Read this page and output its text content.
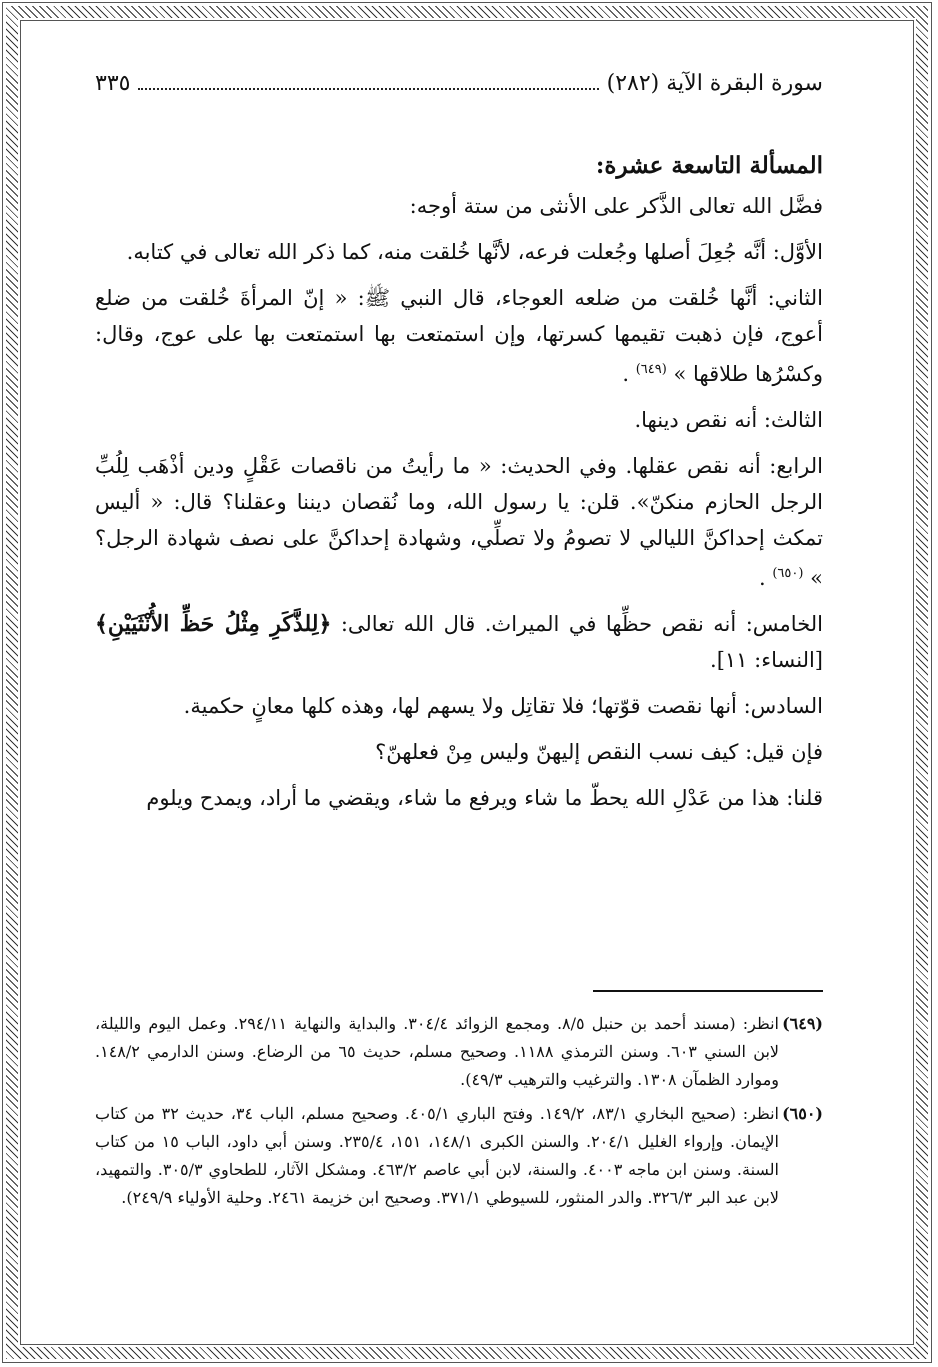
سورة البقرة الآية (٢٨٢)
٣٣٥

المسألة التاسعة عشرة:

فضَّل الله تعالى الذَّكر على الأنثى من ستة أوجه:

الأوَّل: أنَّه جُعِلَ أصلها وجُعلت فرعه، لأنَّها خُلقت منه، كما ذكر الله تعالى في كتابه.

الثاني: أنَّها خُلقت من ضلعه العوجاء، قال النبي ﷺ: « إنّ المرأةَ خُلقت من ضلع أعوج، فإن ذهبت تقيمها كسرتها، وإن استمتعت بها استمتعت بها على عوج، وقال: وكسْرُها طلاقها » $^{(٦٤٩)}$ .

الثالث: أنه نقص دينها.

الرابع: أنه نقص عقلها. وفي الحديث: « ما رأيتُ من ناقصات عَقْلٍ ودين أذْهَب لِلُبِّ الرجل الحازم منكنّ». قلن: يا رسول الله، وما نُقصان ديننا وعقلنا؟ قال: « أليس تمكث إحداكنَّ الليالي لا تصومُ ولا تصلِّي، وشهادة إحداكنَّ على نصف شهادة الرجل؟ » $^{(٦٥٠)}$ .

الخامس: أنه نقص حظِّها في الميراث. قال الله تعالى: ﴿لِلذَّكَرِ مِثْلُ حَظِّ الأُنْثَيَيْنِ﴾ [النساء: ١١].

السادس: أنها نقصت قوّتها؛ فلا تقاتِل ولا يسهم لها، وهذه كلها معانٍ حكمية.

فإن قيل: كيف نسب النقص إليهنّ وليس مِنْ فعلهنّ؟

قلنا: هذا من عَدْلِ الله يحطّ ما شاء ويرفع ما شاء، ويقضي ما أراد، ويمدح ويلوم

(٦٤٩)
انظر: (مسند أحمد بن حنبل ٨/٥. ومجمع الزوائد ٣٠٤/٤. والبداية والنهاية ٢٩٤/١١. وعمل اليوم والليلة، لابن السني ٦٠٣. وسنن الترمذي ١١٨٨. وصحيح مسلم، حديث ٦٥ من الرضاع. وسنن الدارمي ١٤٨/٢. وموارد الظمآن ١٣٠٨. والترغيب والترهيب ٤٩/٣).
(٦٥٠)
انظر: (صحيح البخاري ٨٣/١، ١٤٩/٢. وفتح الباري ٤٠٥/١. وصحيح مسلم، الباب ٣٤، حديث ٣٢ من كتاب الإيمان. وإرواء الغليل ٢٠٤/١. والسنن الكبرى ١٤٨/١، ١٥١، ٢٣٥/٤. وسنن أبي داود، الباب ١٥ من كتاب السنة. وسنن ابن ماجه ٤٠٠٣. والسنة، لابن أبي عاصم ٤٦٣/٢. ومشكل الآثار، للطحاوي ٣٠٥/٣. والتمهيد، لابن عبد البر ٣٢٦/٣. والدر المنثور، للسيوطي ٣٧١/١. وصحيح ابن خزيمة ٢٤٦١. وحلية الأولياء ٢٤٩/٩).
